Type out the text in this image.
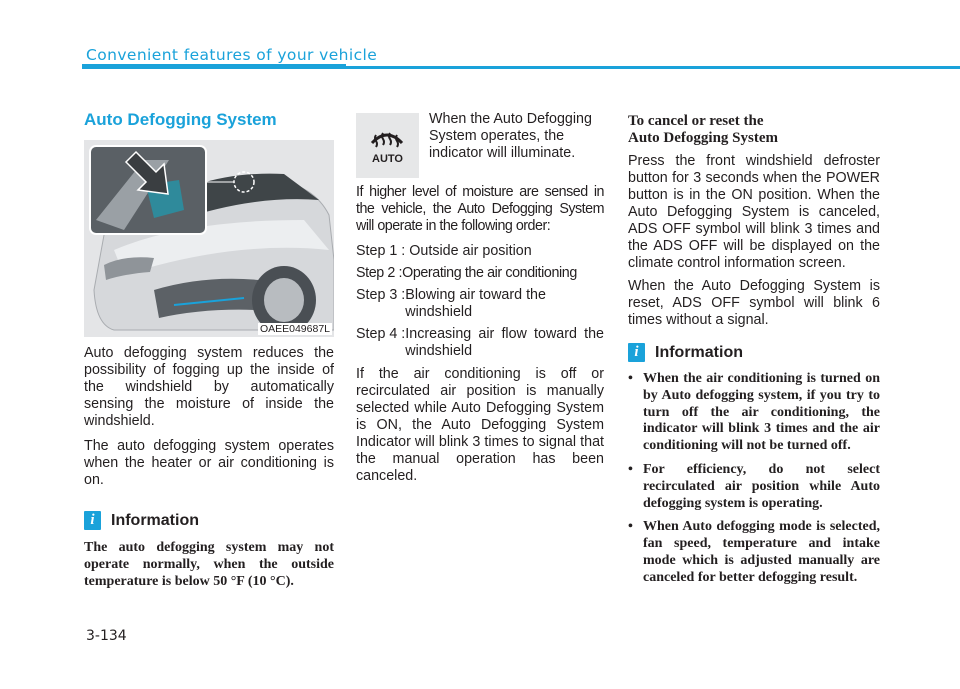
Convenient features of your vehicle
Auto Defogging System
OAEE049687L

Auto defogging system reduces the possibility of fogging up the inside of the windshield by automatically sensing the moisture of inside the windshield.

The auto defogging system operates when the heater or air conditioning is on.

i	Information

The auto defogging system may not operate normally, when the outside temperature is below 50 °F (10 °C).

AUTO

When the Auto Defogging System operates, the indicator will illuminate.

If higher level of moisture are sensed in the vehicle, the Auto Defogging System will operate in the following order:

Step 1 : Outside air position
Step 2 : Operating the air conditioning
Step 3 : Blowing air toward the windshield
Step 4 : Increasing air flow toward the windshield

If the air conditioning is off or recirculated air position is manually selected while Auto Defogging System is ON, the Auto Defogging System Indicator will blink 3 times to signal that the manual operation has been canceled.

To cancel or reset the
Auto Defogging System

Press the front windshield defroster button for 3 seconds when the POWER button is in the ON position. When the Auto Defogging System is canceled, ADS OFF symbol will blink 3 times and the ADS OFF will be displayed on the climate control information screen.

When the Auto Defogging System is reset, ADS OFF symbol will blink 6 times without a signal.

i	Information
• When the air conditioning is turned on by Auto defogging system, if you try to turn off the air conditioning, the indicator will blink 3 times and the air conditioning will not be turned off.
• For efficiency, do not select recirculated air position while Auto defogging system is operating.
• When Auto defogging mode is selected, fan speed, temperature and intake mode which is adjusted manually are canceled for better defogging result.
3-134
